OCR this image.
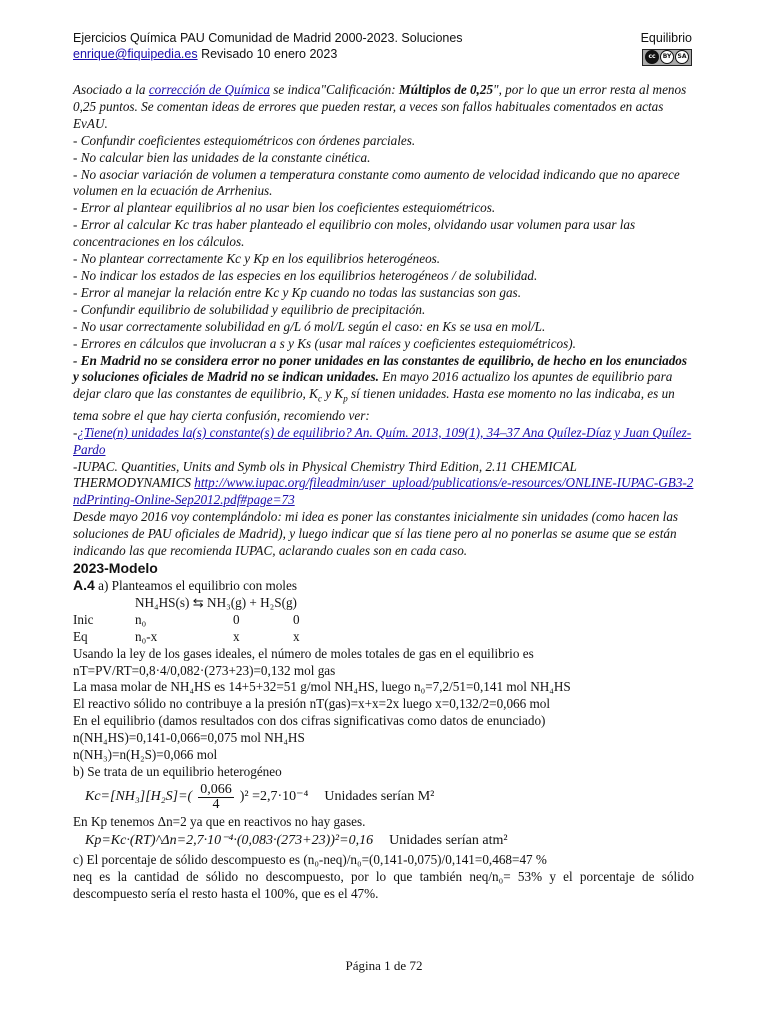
Ejercicios Química PAU Comunidad de Madrid 2000-2023. Soluciones
enrique@fiquipedia.es Revisado 10 enero 2023
Equilibrio
cc	BY	SA

Asociado a la corrección de Química se indica"Calificación: Múltiplos de 0,25", por lo que un error resta al menos 0,25 puntos. Se comentan ideas de errores que pueden restar, a veces son fallos habituales comentados en actas EvAU.

- Confundir coeficientes estequiométricos con órdenes parciales.

- No calcular bien las unidades de la constante cinética.

- No asociar variación de volumen a temperatura constante como aumento de velocidad indicando que no aparece volumen en la ecuación de Arrhenius.

- Error al plantear equilibrios al no usar bien los coeficientes estequiométricos.

- Error al calcular Kc tras haber planteado el equilibrio con moles, olvidando usar volumen para usar las concentraciones en los cálculos.

- No plantear correctamente Kc y Kp en los equilibrios heterogéneos.

- No indicar los estados de las especies en los equilibrios heterogéneos / de solubilidad.

- Error al manejar la relación entre Kc y Kp cuando no todas las sustancias son gas.

- Confundir equilibrio de solubilidad y equilibrio de precipitación.

- No usar correctamente solubilidad en g/L ó mol/L según el caso: en Ks se usa en mol/L.

- Errores en cálculos que involucran a s y Ks (usar mal raíces y coeficientes estequiométricos).

- En Madrid no se considera error no poner unidades en las constantes de equilibrio, de hecho en los enunciados y soluciones oficiales de Madrid no se indican unidades. En mayo 2016 actualizo los apuntes de equilibrio para dejar claro que las constantes de equilibrio, $K_c$ y $K_p$ sí tienen unidades. Hasta ese momento no las indicaba, es un tema sobre el que hay cierta confusión, recomiendo ver:

-¿Tiene(n) unidades la(s) constante(s) de equilibrio? An. Quím. 2013, 109(1), 34–37 Ana Quílez-Díaz y Juan Quílez-Pardo

-IUPAC. Quantities, Units and Symb ols in Physical Chemistry Third Edition, 2.11 CHEMICAL THERMODYNAMICS http://www.iupac.org/fileadmin/user_upload/publications/e-resources/ONLINE-IUPAC-GB3-2ndPrinting-Online-Sep2012.pdf#page=73

Desde mayo 2016 voy contemplándolo: mi idea es poner las constantes inicialmente sin unidades (como hacen las soluciones de PAU oficiales de Madrid), y luego indicar que sí las tiene pero al no ponerlas se asume que se están indicando las que recomienda IUPAC, aclarando cuales son en cada caso.

2023-Modelo

A.4 a) Planteamos el equilibrio con moles

NH₄HS(s) ⇆ NH₃(g) + H₂S(g)

Inic	n₀	0	0
Eq	n₀-x	x	x

Usando la ley de los gases ideales, el número de moles totales de gas en el equilibrio es

nT=PV/RT=0,8·4/0,082·(273+23)=0,132 mol gas

La masa molar de NH₄HS es 14+5+32=51 g/mol NH₄HS, luego n₀=7,2/51=0,141 mol NH₄HS

El reactivo sólido no contribuye a la presión nT(gas)=x+x=2x luego x=0,132/2=0,066 mol

En el equilibrio (damos resultados con dos cifras significativas como datos de enunciado)

n(NH₄HS)=0,141-0,066=0,075 mol NH₄HS

n(NH₃)=n(H₂S)=0,066 mol

b) Se trata de un equilibrio heterogéneo

$Kc=[NH_3][H_2S]=( \frac{0,066}{4} )^2 =2,7\cdot 10^{-4}$ Unidades serían M²

En Kp tenemos Δn=2 ya que en reactivos no hay gases.

Kp=Kc·(RT)^Δn=2,7·10⁻⁴·(0,083·(273+23))²=0,16 Unidades serían atm²

c) El porcentaje de sólido descompuesto es (n₀-neq)/n₀=(0,141-0,075)/0,141=0,468=47 %

neq es la cantidad de sólido no descompuesto, por lo que también neq/n₀= 53% y el porcentaje de sólido descompuesto sería el resto hasta el 100%, que es el 47%.

Página 1 de 72
